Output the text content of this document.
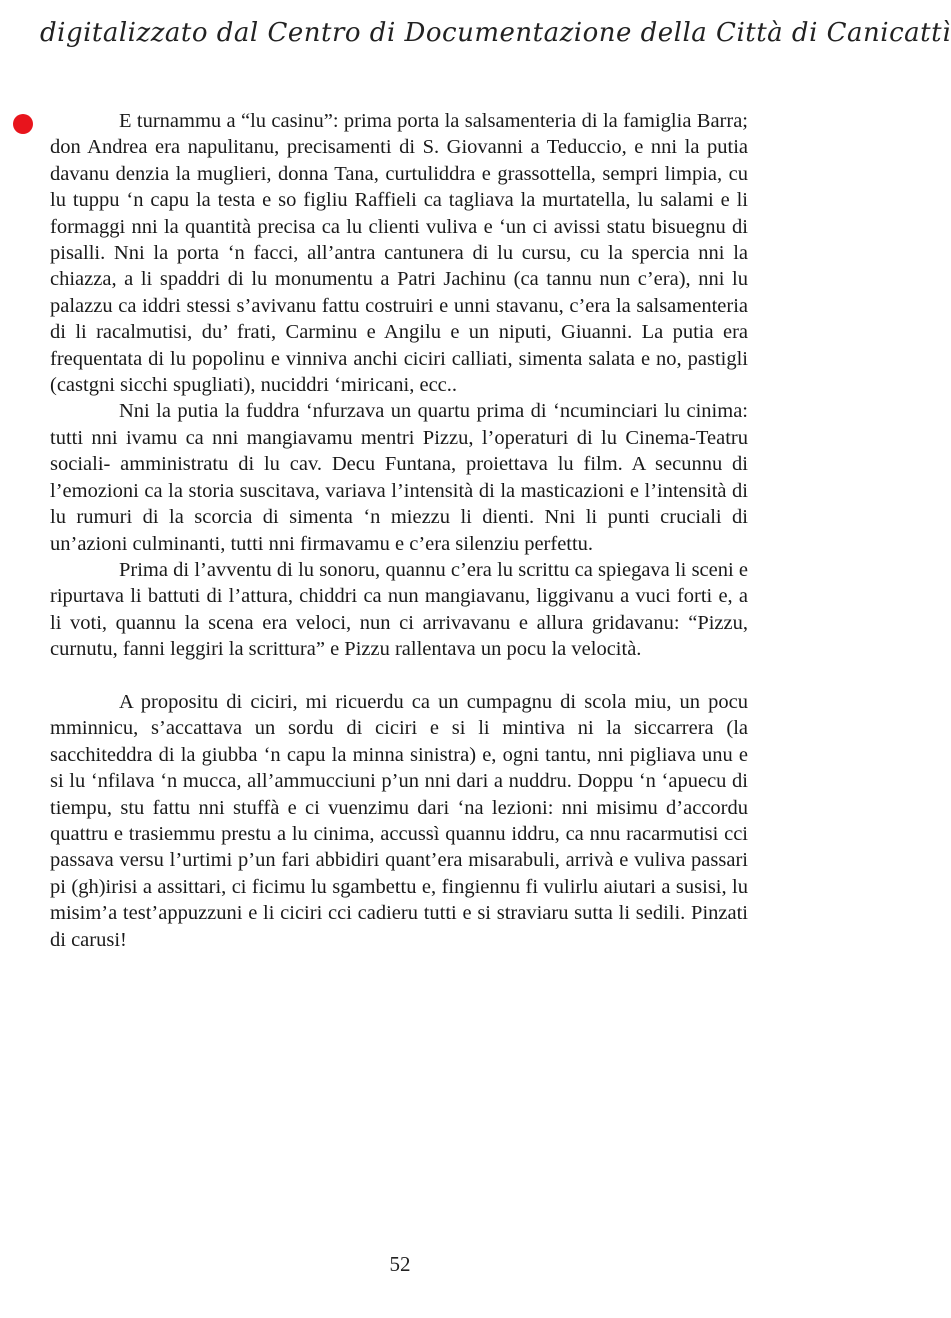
digitalizzato dal Centro di Documentazione della Città di Canicattì

E turnammu a “lu casinu”: prima porta la salsamenteria di la famiglia Barra; don Andrea era napulitanu, precisamenti di S. Giovanni a Teduccio, e nni la putia davanu denzia la muglieri, donna Tana, curtuliddra e grassottella, sempri limpia, cu lu tuppu ‘n capu la testa e so figliu Raffieli ca tagliava la murtatella, lu salami e li formaggi nni la quantità precisa ca lu clienti vuliva e ‘un ci avissi statu bisuegnu di pisalli. Nni la porta ‘n facci, all’antra cantunera di lu cursu, cu la spercia nni la chiazza, a li spaddri di lu monumentu a Patri Jachinu (ca tannu nun c’era), nni lu palazzu ca iddri stessi s’avivanu fattu costruiri e unni stavanu, c’era la salsamenteria di li racalmutisi, du’ frati, Carminu e Angilu e un niputi, Giuanni. La putia era frequentata di lu popolinu e vinniva anchi ciciri calliati, simenta salata e no, pastigli (castgni sicchi spugliati), nuciddri ‘miricani, ecc..

Nni la putia la fuddra ‘nfurzava un quartu prima di ‘ncuminciari lu cinima: tutti nni ivamu ca nni mangiavamu mentri Pizzu, l’operaturi di lu Cinema-Teatru sociali- amministratu di lu cav. Decu Funtana, proiettava lu film. A secunnu di l’emozioni ca la storia suscitava, variava l’intensità di la masticazioni e l’intensità di lu rumuri di la scorcia di simenta ‘n miezzu li dienti. Nni li punti cruciali di un’azioni culminanti, tutti nni firmavamu e c’era silenziu perfettu.

Prima di l’avventu di lu sonoru, quannu c’era lu scrittu ca spiegava li sceni e ripurtava li battuti di l’attura, chiddri ca nun mangiavanu, liggivanu a vuci forti e, a li voti, quannu la scena era veloci, nun ci arrivavanu e allura gridavanu: “Pizzu, curnutu, fanni leggiri la scrittura” e Pizzu rallentava un pocu la velocità.

A propositu di ciciri, mi ricuerdu ca un cumpagnu di scola miu, un pocu mminnicu, s’accattava un sordu di ciciri e si li mintiva ni la siccarrera (la sacchiteddra di la giubba ‘n capu la minna sinistra) e, ogni tantu, nni pigliava unu e si lu ‘nfilava ‘n mucca, all’ammucciuni p’un nni dari a nuddru. Doppu ‘n ‘apuecu di tiempu, stu fattu nni stuffà e ci vuenzimu dari ‘na lezioni: nni misimu d’accordu quattru e trasiemmu prestu a lu cinima, accussì quannu iddru, ca nnu racarmutisi cci passava versu l’urtimi p’un fari abbidiri quant’era misarabuli, arrivà e vuliva passari pi (gh)irisi a assittari, ci ficimu lu sgambettu e, fingiennu fi vulirlu aiutari a susisi, lu misim’a test’appuzzuni e li ciciri cci cadieru tutti e si straviaru sutta li sedili. Pinzati di carusi!

52
